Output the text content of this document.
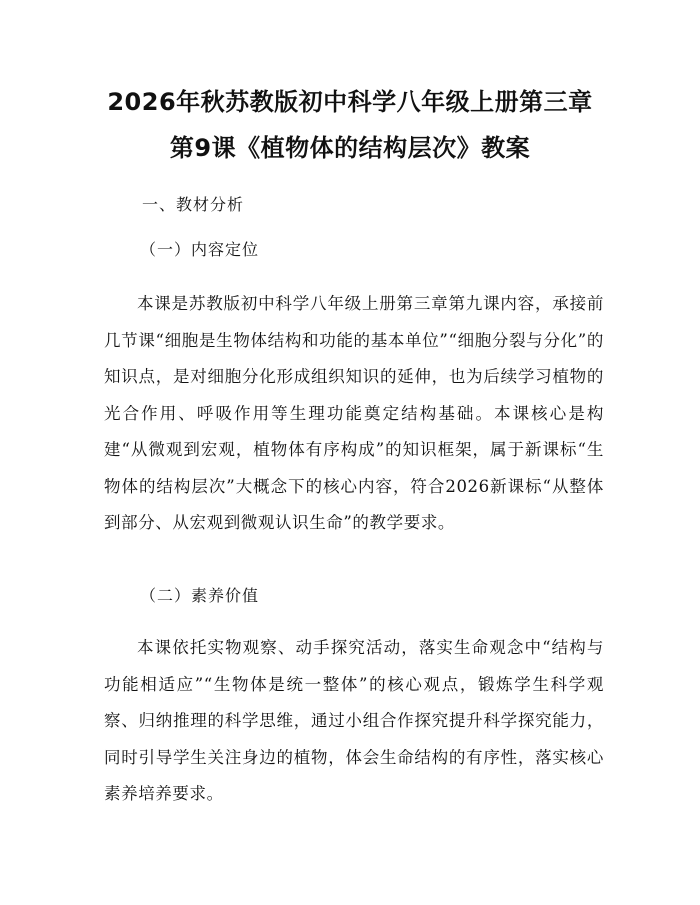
2026年秋苏教版初中科学八年级上册第三章
第9课《植物体的结构层次》教案
一、教材分析
（一）内容定位

本课是苏教版初中科学八年级上册第三章第九课内容，承接前几节课“细胞是生物体结构和功能的基本单位”“细胞分裂与分化”的知识点，是对细胞分化形成组织知识的延伸，也为后续学习植物的光合作用、呼吸作用等生理功能奠定结构基础。本课核心是构建“从微观到宏观，植物体有序构成”的知识框架，属于新课标“生物体的结构层次”大概念下的核心内容，符合2026新课标“从整体到部分、从宏观到微观认识生命”的教学要求。

（二）素养价值

本课依托实物观察、动手探究活动，落实生命观念中“结构与功能相适应”“生物体是统一整体”的核心观点，锻炼学生科学观察、归纳推理的科学思维，通过小组合作探究提升科学探究能力，同时引导学生关注身边的植物，体会生命结构的有序性，落实核心素养培养要求。
